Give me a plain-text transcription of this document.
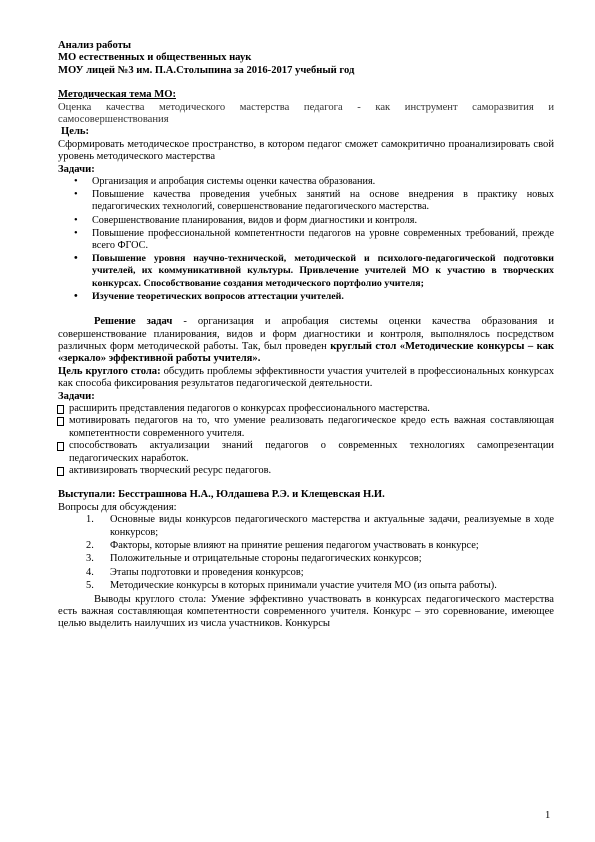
Анализ работы

МО естественных и общественных наук

МОУ лицей №3 им. П.А.Столыпина за 2016-2017 учебный год

Методическая тема МО:

Оценка качества методического мастерства педагога - как инструмент саморазвития и самосовершенствования

Цель:

Сформировать методическое пространство, в котором педагог сможет самокритично проанализировать свой уровень методического мастерства

Задачи:

• Организация и апробация системы оценки качества образования.
• Повышение качества проведения учебных занятий на основе внедрения в практику новых педагогических технологий, совершенствование педагогического мастерства.
• Совершенствование планирования, видов и форм диагностики и контроля.
• Повышение профессиональной компетентности педагогов на уровне современных требований, прежде всего ФГОС.
• Повышение уровня научно-технической, методической и психолого-педагогической подготовки учителей, их коммуникативной культуры. Привлечение учителей МО к участию в творческих конкурсах. Способствование создания методического портфолио учителя;
• Изучение теоретических вопросов аттестации учителей.

Решение задач - организация и апробация системы оценки качества образования и совершенствование планирования, видов и форм диагностики и контроля, выполнялось посредством различных форм методической работы. Так, был проведен круглый стол «Методические конкурсы – как «зеркало» эффективной работы учителя».

Цель круглого стола: обсудить проблемы эффективности участия учителей в профессиональных конкурсах как способа фиксирования результатов педагогической деятельности.

Задачи:

расширить представления педагогов о конкурсах профессионального мастерства.
мотивировать педагогов на то, что умение реализовать педагогическое кредо есть важная составляющая компетентности современного учителя.
способствовать актуализации знаний педагогов о современных технологиях самопрезентации педагогических наработок.
активизировать творческий ресурс педагогов.

Выступали: Бесстрашнова Н.А., Юлдашева Р.Э. и Клещевская Н.И.

Вопросы для обсуждения:

1. Основные виды конкурсов педагогического мастерства и актуальные задачи, реализуемые в ходе конкурсов;
2. Факторы, которые влияют на принятие решения педагогом участвовать в конкурсе;
3. Положительные и отрицательные стороны педагогических конкурсов;
4. Этапы подготовки и проведения конкурсов;
5. Методические конкурсы в которых принимали участие учителя МО (из опыта работы).

Выводы круглого стола: Умение эффективно участвовать в конкурсах педагогического мастерства есть важная составляющая компетентности современного учителя. Конкурс – это соревнование, имеющее целью выделить наилучших из числа участников. Конкурсы

1
